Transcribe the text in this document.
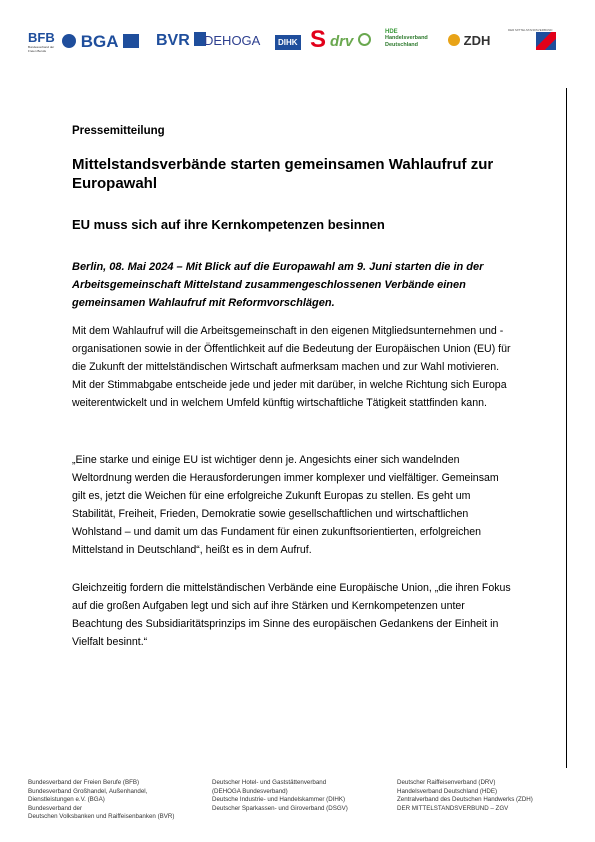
BFB
Bundesverband der Freien Berufe	BGA	BVR	DEHOGA	DIHK S drv
HDE
Handelsverband Deutschland	ZDH
DER MITTELSTANDSVERBUND
Pressemitteilung
Mittelstandsverbände starten gemeinsamen Wahlaufruf zur Europawahl
EU muss sich auf ihre Kernkompetenzen besinnen
Berlin, 08. Mai 2024 – Mit Blick auf die Europawahl am 9. Juni starten die in der Arbeitsgemeinschaft Mittelstand zusammengeschlossenen Verbände einen gemeinsamen Wahlaufruf mit Reformvorschlägen.
Mit dem Wahlaufruf will die Arbeitsgemeinschaft in den eigenen Mitgliedsunternehmen und -organisationen sowie in der Öffentlichkeit auf die Bedeutung der Europäischen Union (EU) für die Zukunft der mittelständischen Wirtschaft aufmerksam machen und zur Wahl motivieren. Mit der Stimmabgabe entscheide jede und jeder mit darüber, in welche Richtung sich Europa weiterentwickelt und in welchem Umfeld künftig wirtschaftliche Tätigkeit stattfinden kann.
„Eine starke und einige EU ist wichtiger denn je. Angesichts einer sich wandelnden Weltordnung werden die Herausforderungen immer komplexer und vielfältiger. Gemeinsam gilt es, jetzt die Weichen für eine erfolgreiche Zukunft Europas zu stellen. Es geht um Stabilität, Freiheit, Frieden, Demokratie sowie gesellschaftlichen und wirtschaftlichen Wohlstand – und damit um das Fundament für einen zukunftsorientierten, erfolgreichen Mittelstand in Deutschland“, heißt es in dem Aufruf.
Gleichzeitig fordern die mittelständischen Verbände eine Europäische Union, „die ihren Fokus auf die großen Aufgaben legt und sich auf ihre Stärken und Kernkompetenzen unter Beachtung des Subsidiaritätsprinzips im Sinne des europäischen Gedankens der Einheit in Vielfalt besinnt.“
Bundesverband der Freien Berufe (BFB)
Bundesverband Großhandel, Außenhandel,
Dienstleistungen e.V. (BGA)
Bundesverband der
Deutschen Volksbanken und Raiffeisenbanken (BVR)
Deutscher Hotel- und Gaststättenverband
(DEHOGA Bundesverband)
Deutsche Industrie- und Handelskammer (DIHK)
Deutscher Sparkassen- und Giroverband (DSGV)
Deutscher Raiffeisenverband (DRV)
Handelsverband Deutschland (HDE)
Zentralverband des Deutschen Handwerks (ZDH)
DER MITTELSTANDSVERBUND – ZGV
